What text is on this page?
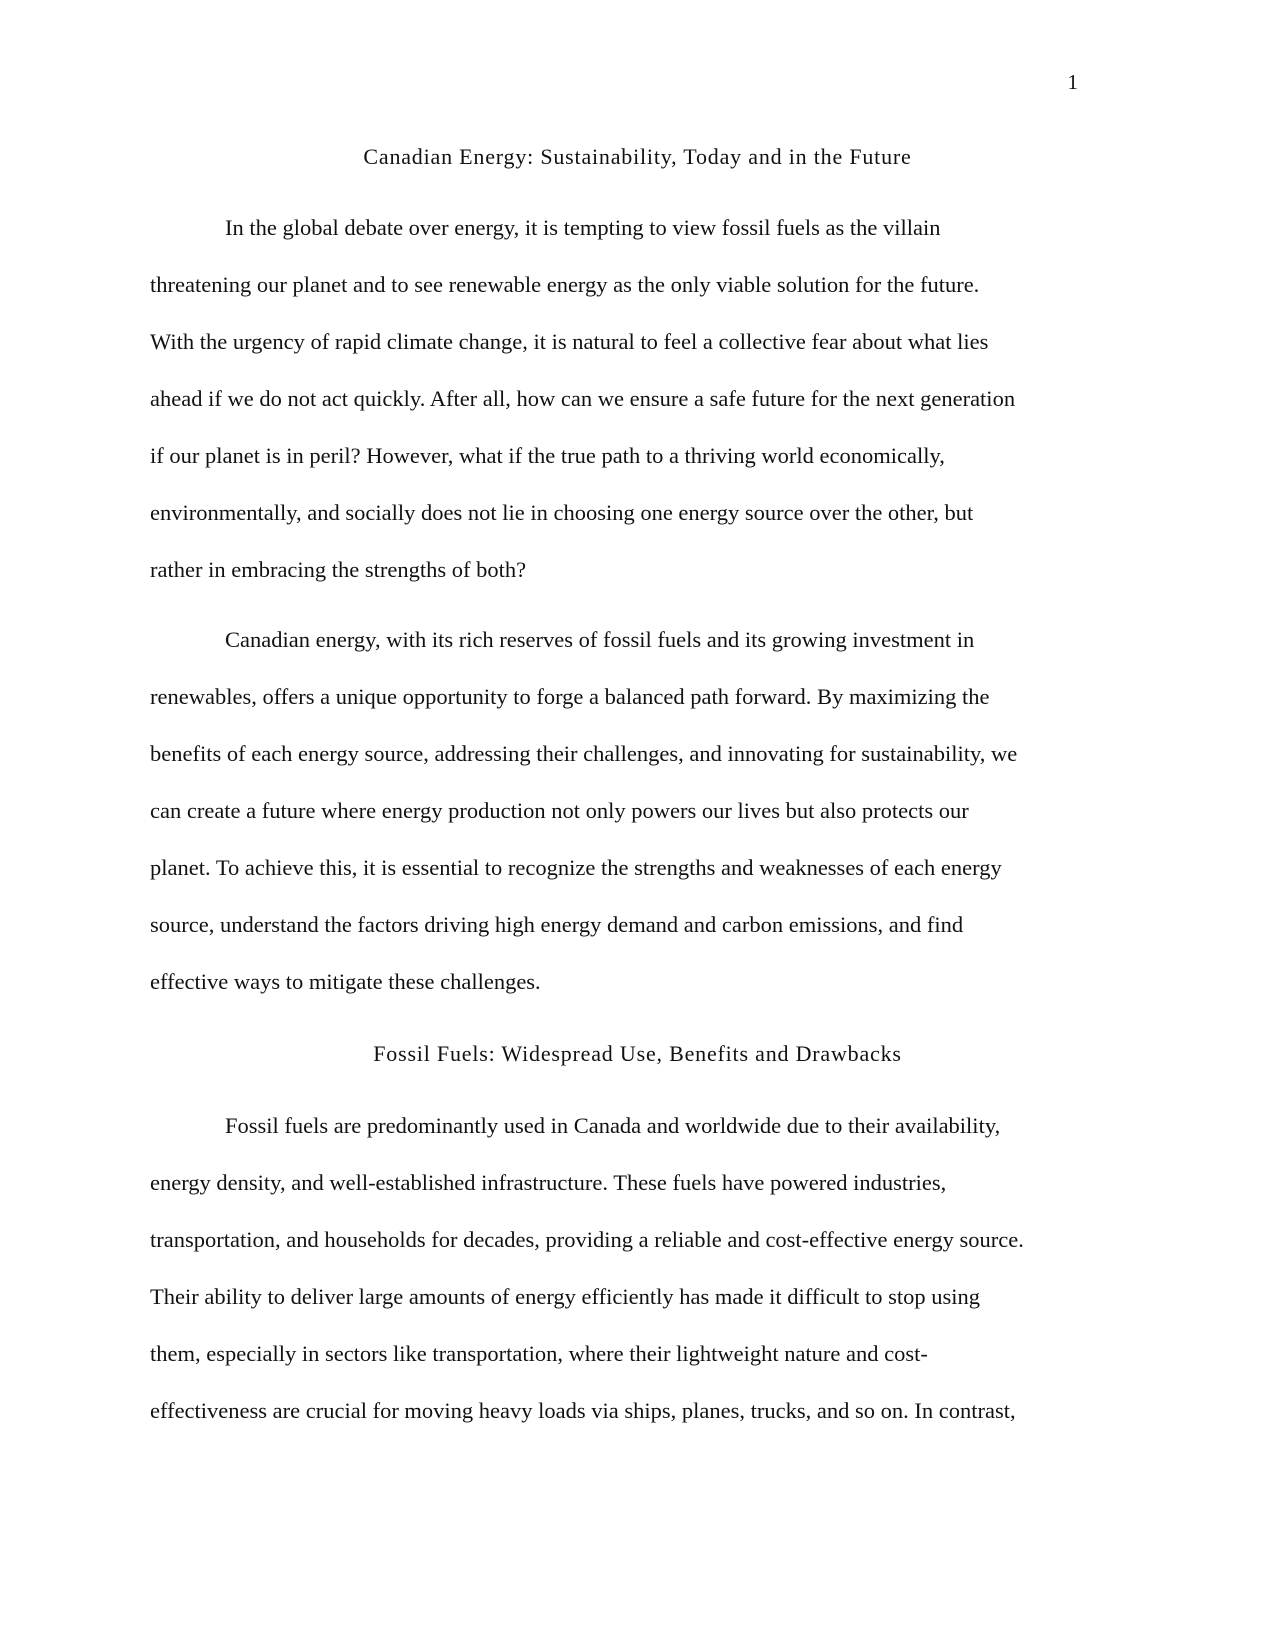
1
Canadian Energy: Sustainability, Today and in the Future

In the global debate over energy, it is tempting to view fossil fuels as the villain
threatening our planet and to see renewable energy as the only viable solution for the future.
With the urgency of rapid climate change, it is natural to feel a collective fear about what lies
ahead if we do not act quickly. After all, how can we ensure a safe future for the next generation
if our planet is in peril? However, what if the true path to a thriving world economically,
environmentally, and socially does not lie in choosing one energy source over the other, but
rather in embracing the strengths of both?

Canadian energy, with its rich reserves of fossil fuels and its growing investment in
renewables, offers a unique opportunity to forge a balanced path forward. By maximizing the
benefits of each energy source, addressing their challenges, and innovating for sustainability, we
can create a future where energy production not only powers our lives but also protects our
planet. To achieve this, it is essential to recognize the strengths and weaknesses of each energy
source, understand the factors driving high energy demand and carbon emissions, and find
effective ways to mitigate these challenges.

Fossil Fuels: Widespread Use, Benefits and Drawbacks

Fossil fuels are predominantly used in Canada and worldwide due to their availability,
energy density, and well-established infrastructure. These fuels have powered industries,
transportation, and households for decades, providing a reliable and cost-effective energy source.
Their ability to deliver large amounts of energy efficiently has made it difficult to stop using
them, especially in sectors like transportation, where their lightweight nature and cost-
effectiveness are crucial for moving heavy loads via ships, planes, trucks, and so on. In contrast,
